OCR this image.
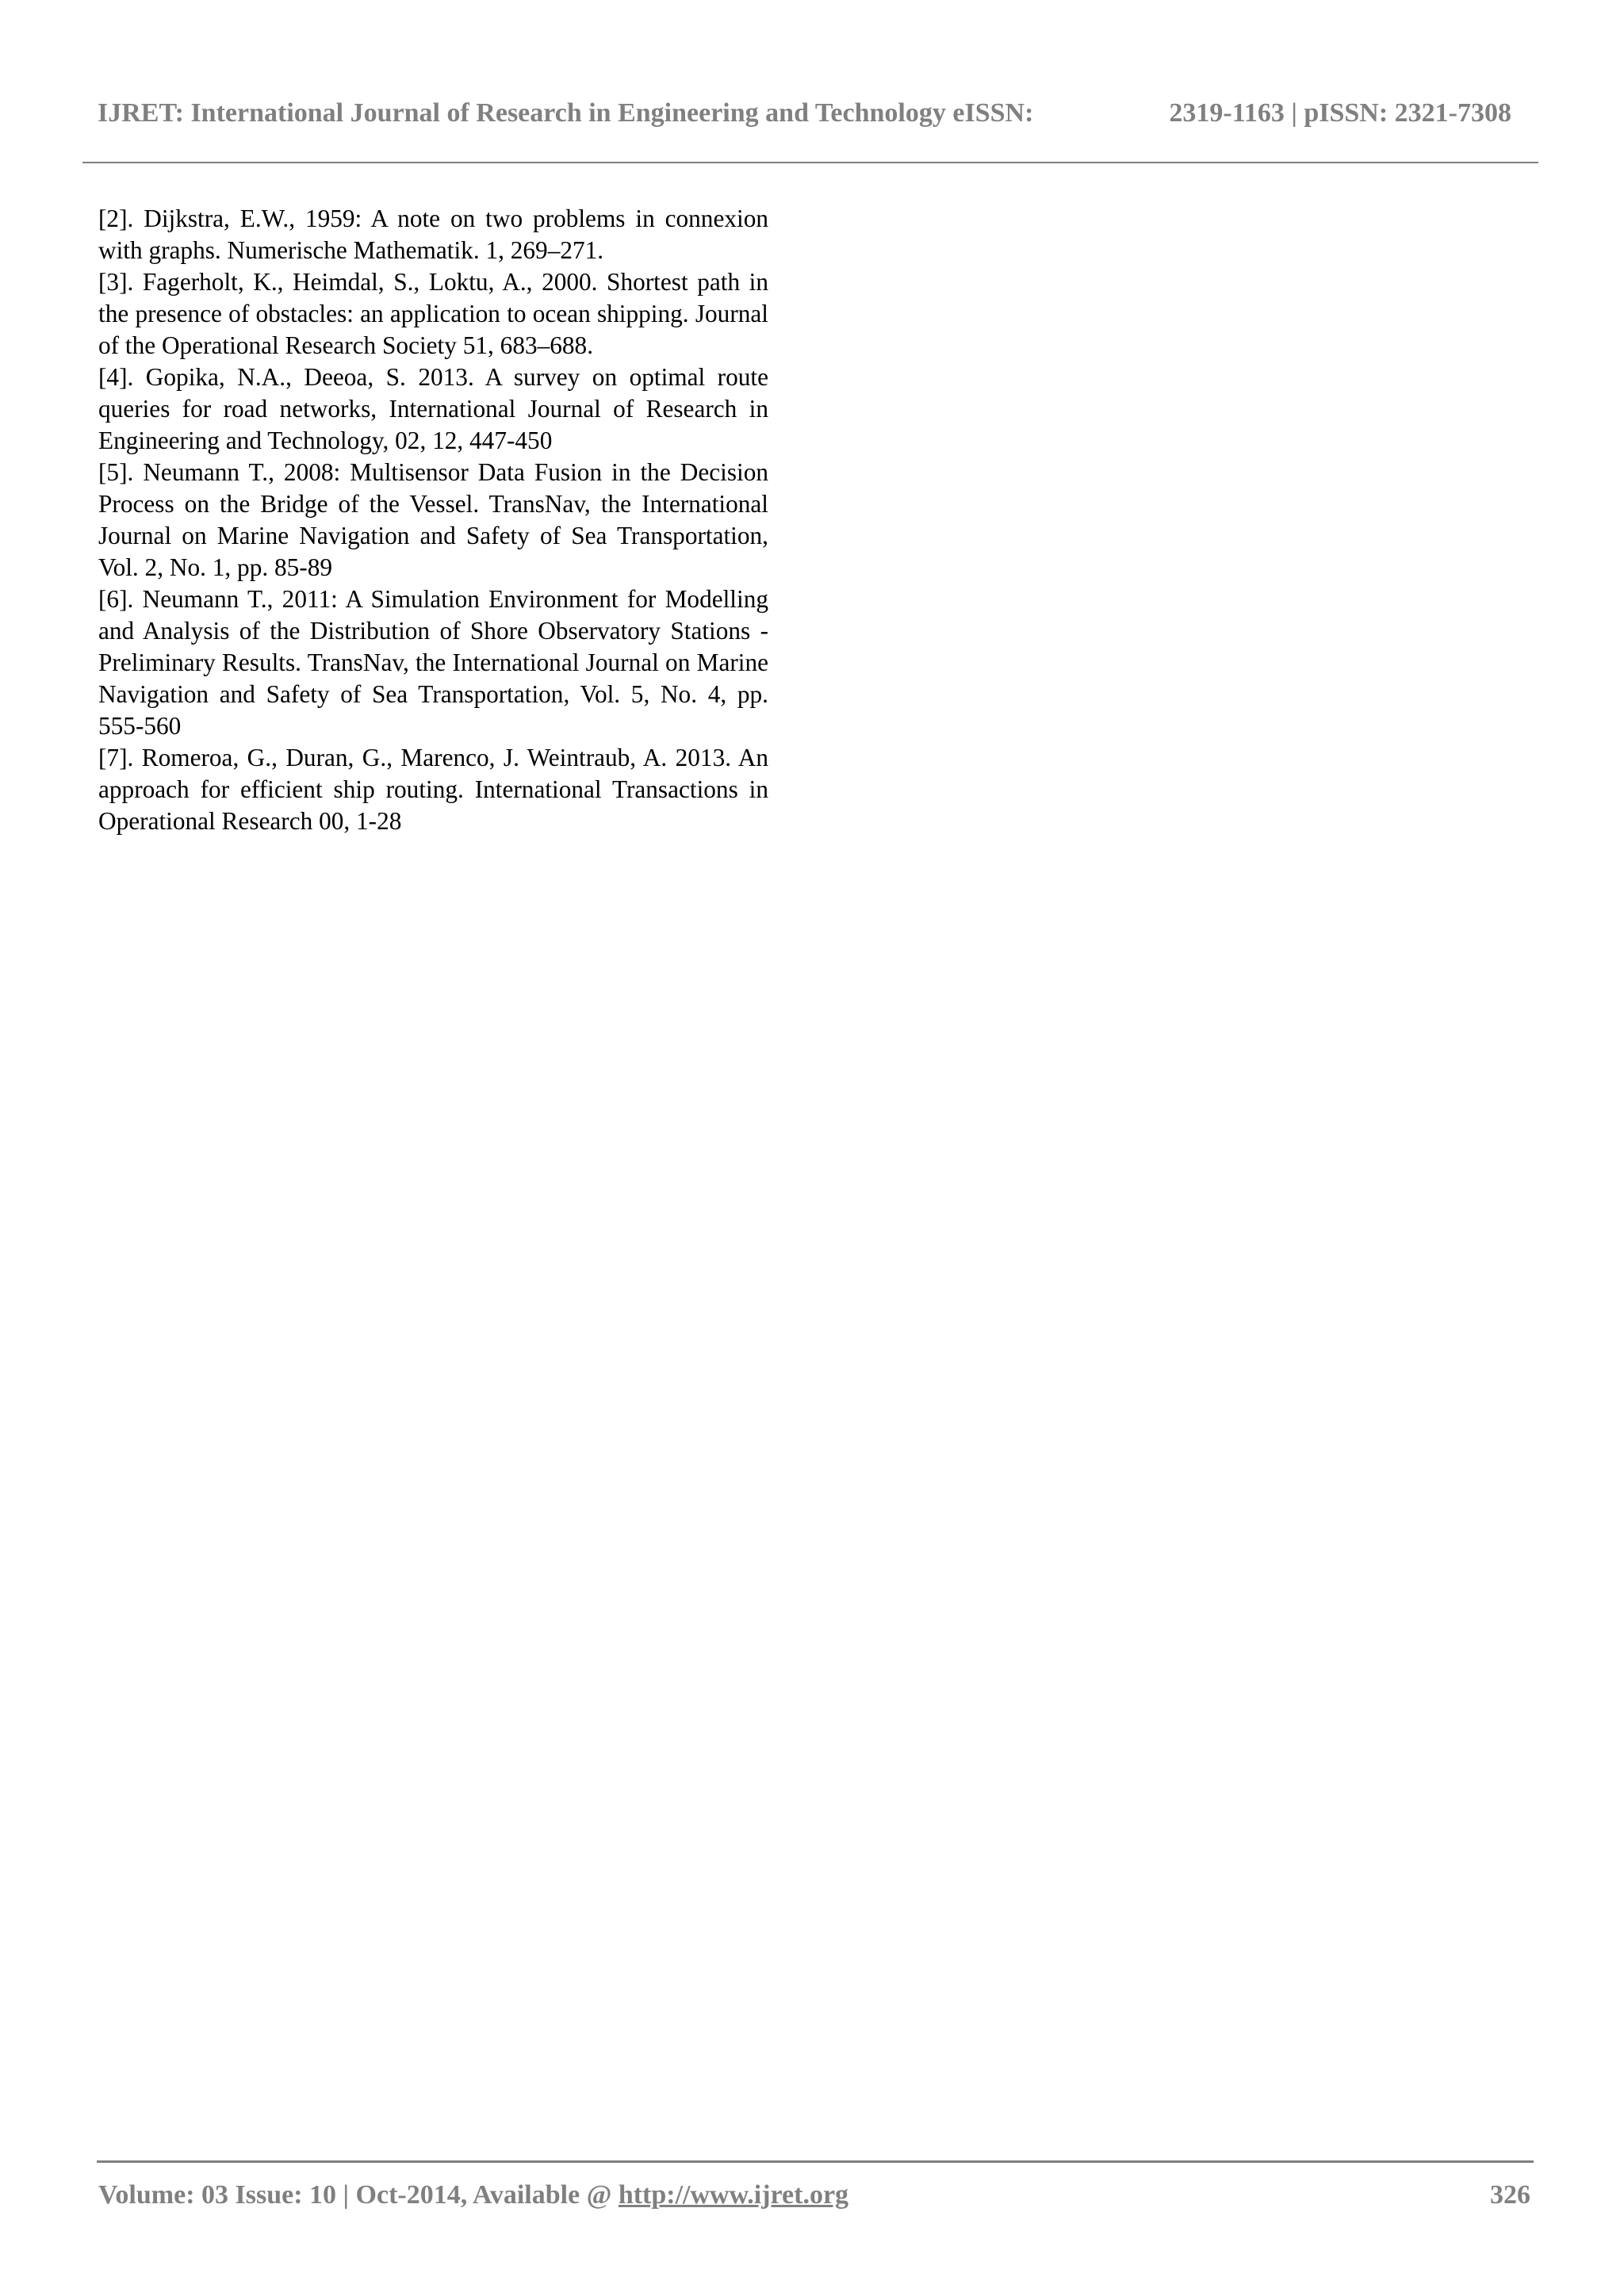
IJRET: International Journal of Research in Engineering and Technology eISSN:	2319-1163 | pISSN: 2321-7308

[2]. Dijkstra, E.W., 1959: A note on two problems in connexion with graphs. Numerische Mathematik. 1, 269–271.

[3]. Fagerholt, K., Heimdal, S., Loktu, A., 2000. Shortest path in the presence of obstacles: an application to ocean shipping. Journal of the Operational Research Society 51, 683–688.

[4]. Gopika, N.A., Deeoa, S. 2013. A survey on optimal route queries for road networks, International Journal of Research in Engineering and Technology, 02, 12, 447-450

[5]. Neumann T., 2008: Multisensor Data Fusion in the Decision Process on the Bridge of the Vessel. TransNav, the International Journal on Marine Navigation and Safety of Sea Transportation, Vol. 2, No. 1, pp. 85-89

[6]. Neumann T., 2011: A Simulation Environment for Modelling and Analysis of the Distribution of Shore Observatory Stations - Preliminary Results. TransNav, the International Journal on Marine Navigation and Safety of Sea Transportation, Vol. 5, No. 4, pp. 555-560

[7]. Romeroa, G., Duran, G., Marenco, J. Weintraub, A. 2013. An approach for efficient ship routing. International Transactions in Operational Research 00, 1-28

Volume: 03 Issue: 10 | Oct-2014, Available @ http://www.ijret.org	326
